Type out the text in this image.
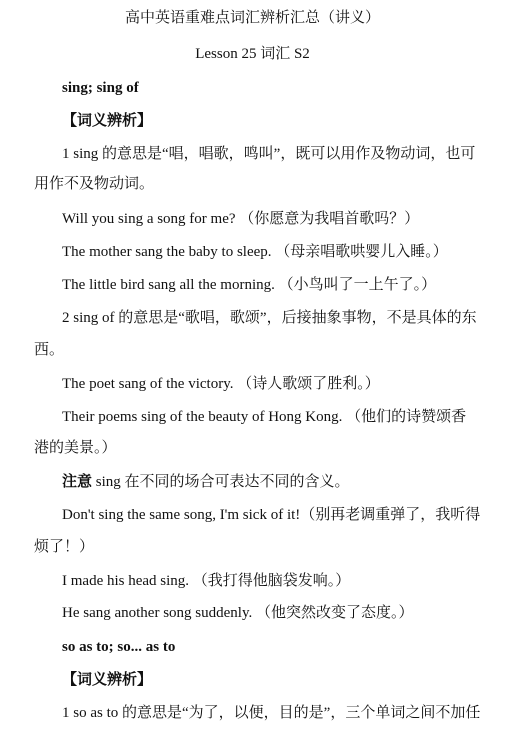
高中英语重难点词汇辨析汇总（讲义）
Lesson 25 词汇 S2
sing; sing of
【词义辨析】
1 sing 的意思是“唱，唱歌，鸣叫”，既可以用作及物动词，也可
用作不及物动词。
Will you sing a song for me? （你愿意为我唱首歌吗？）
The mother sang the baby to sleep. （母亲唱歌哄婴儿入睡。）
The little bird sang all the morning. （小鸟叫了一上午了。）
2 sing of 的意思是“歌唱，歌颂”，后接抽象事物，不是具体的东
西。
The poet sang of the victory. （诗人歌颂了胜利。）
Their poems sing of the beauty of Hong Kong. （他们的诗赞颂香
港的美景。）
注意 sing 在不同的场合可表达不同的含义。
Don't sing the same song, I'm sick of it!（别再老调重弹了，我听得
烦了！）
I made his head sing. （我打得他脑袋发响。）
He sang another song suddenly. （他突然改变了态度。）
so as to; so... as to
【词义辨析】
1 so as to 的意思是“为了，以便，目的是”，三个单词之间不加任
